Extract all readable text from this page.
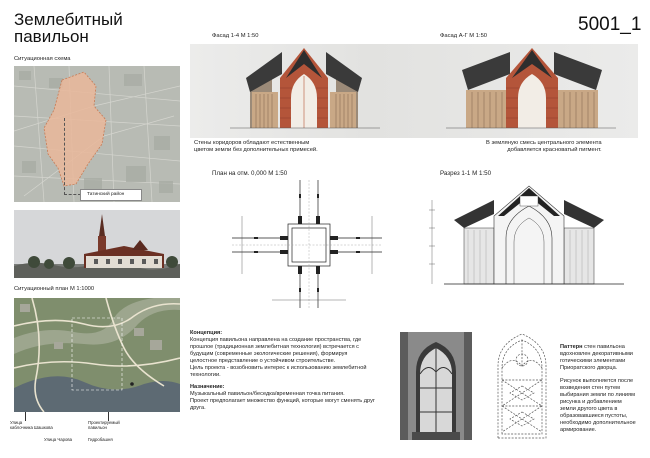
Землебитный
павильон
5001_1
Ситуационная схема
Татинский район
Ситуационный план М 1:1000
Улица
каблочника Шашкова
Улица Чарова
Проектируемый
павильон
Гидробашня
Фасад 1-4 М 1:50	Фасад А-Г М 1:50
Стены коридоров обладают естественным
цветом земли без дополнительных примесей.
В земляную смесь центрального элемента
добавляется красноватый пигмент.
План на отм. 0,000 М 1:50	Разрез 1-1 М 1:50
Концепция:
Концепция павильона направлена на создание пространства, где прошлое (традиционная землебитная технология) встречается с будущим (современные экологические решения), формируя целостное представление о устойчивом строительстве.
Цель проекта - возобновить интерес к использованию землебитной технологии.
Назначение:
Музыкальный павильон/беседка/временная точка питания.
Проект предполагает множество функций, которые могут сменять друг друга.
Паттерн стен павильона вдохновлен декоративными готическими элементами Приоратского дворца.
Рисунок выполняется после возведения стен путем выбирания земли по линиям рисунка и добавлением земли другого цвета в образовавшиеся пустоты, необходимо дополнительное армирование.
